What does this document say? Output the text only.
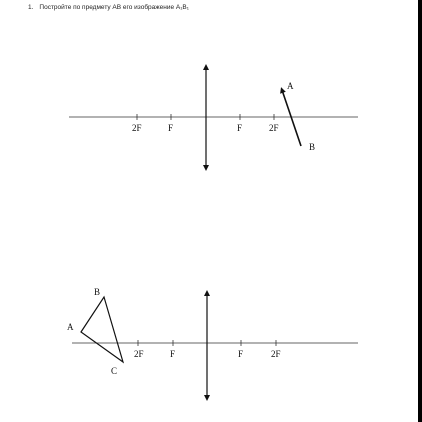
1. Постройте по предмету АВ его изображение А₁В₁
2F	F	F	2F
A
B
2F	F	F	2F
A
B
C
